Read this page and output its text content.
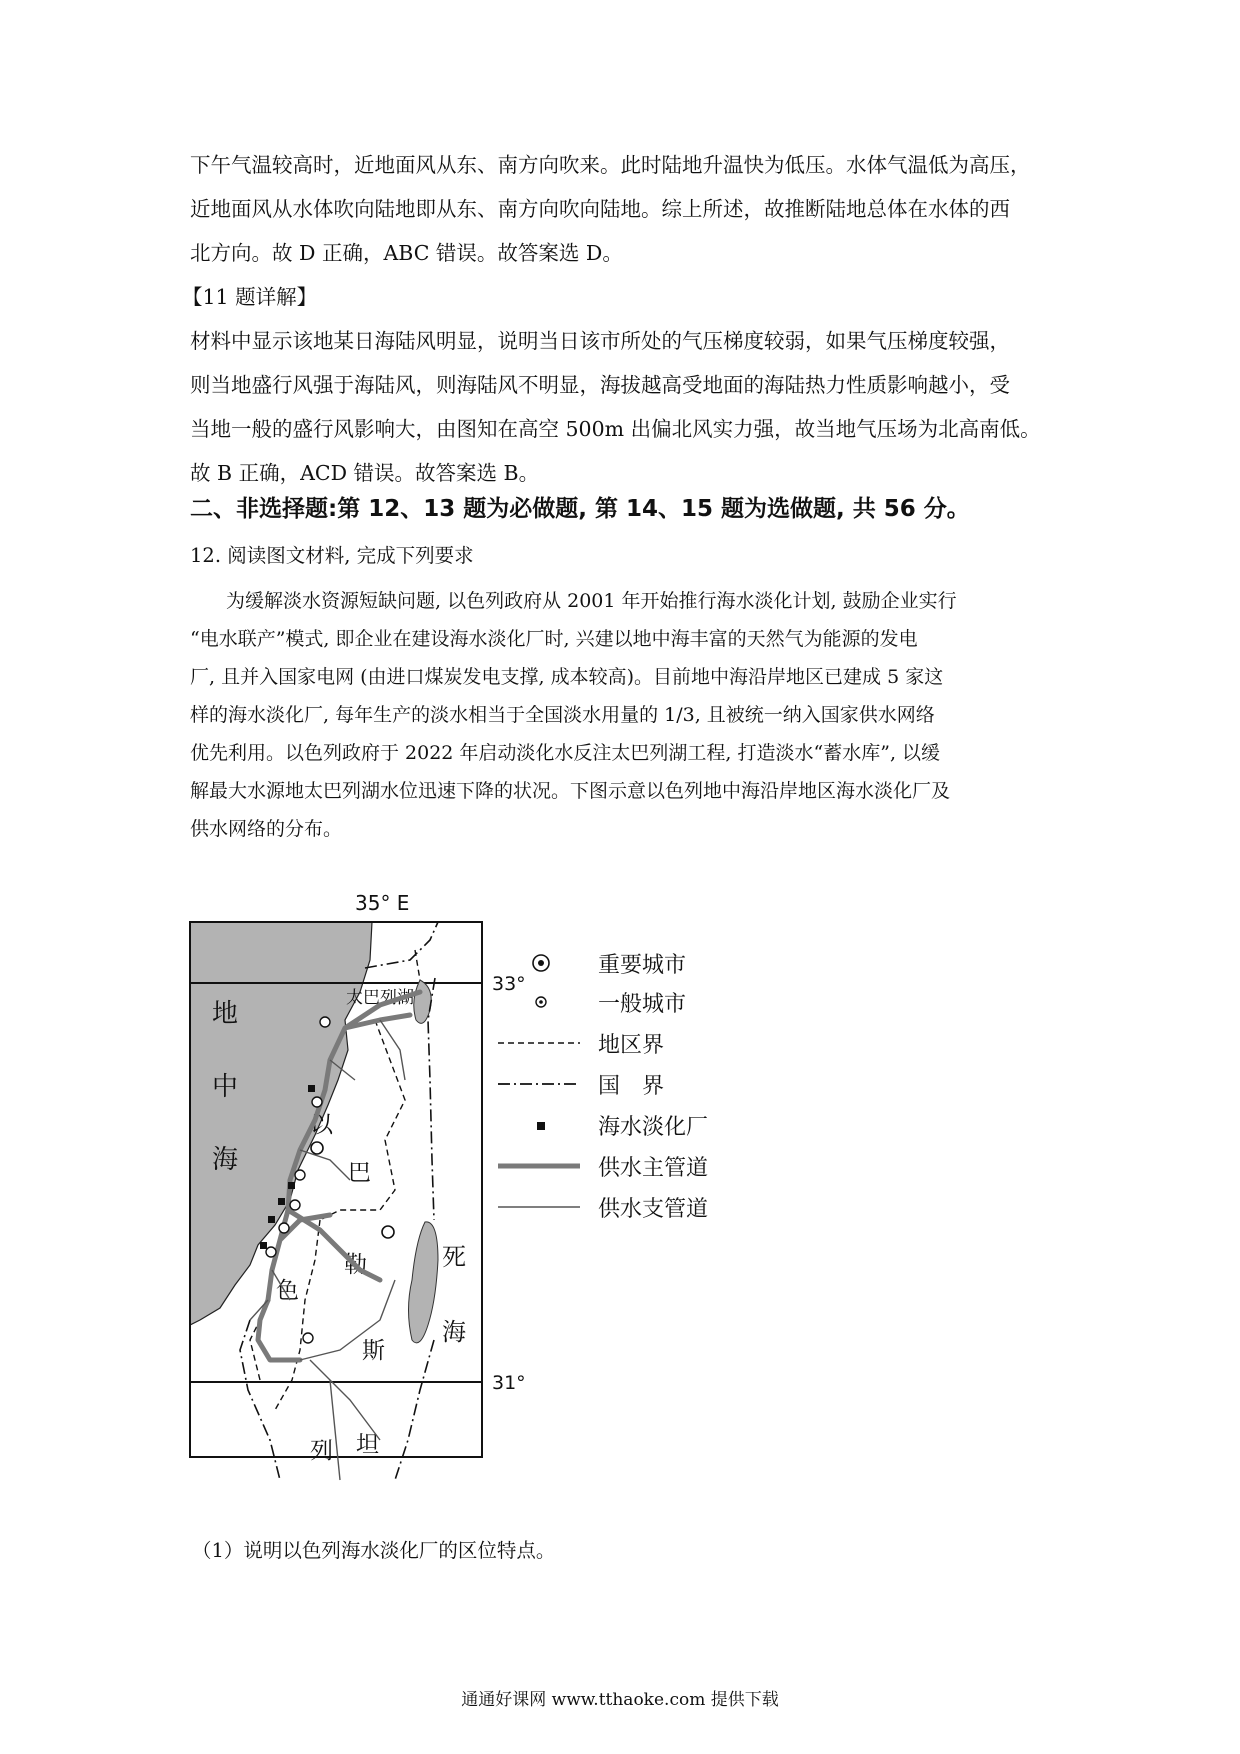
下午气温较高时，近地面风从东、南方向吹来。此时陆地升温快为低压。水体气温低为高压，
近地面风从水体吹向陆地即从东、南方向吹向陆地。综上所述，故推断陆地总体在水体的西
北方向。故 D 正确，ABC 错误。故答案选 D。
【11 题详解】
材料中显示该地某日海陆风明显，说明当日该市所处的气压梯度较弱，如果气压梯度较强，
则当地盛行风强于海陆风，则海陆风不明显，海拔越高受地面的海陆热力性质影响越小，受
当地一般的盛行风影响大，由图知在高空 500m 出偏北风实力强，故当地气压场为北高南低。
故 B 正确，ACD 错误。故答案选 B。

二、非选择题:第 12、13 题为必做题, 第 14、15 题为选做题, 共 56 分。

12. 阅读图文材料, 完成下列要求

为缓解淡水资源短缺问题, 以色列政府从 2001 年开始推行海水淡化计划, 鼓励企业实行
“电水联产”模式, 即企业在建设海水淡化厂时, 兴建以地中海丰富的天然气为能源的发电
厂, 且并入国家电网 (由进口煤炭发电支撑, 成本较高)。目前地中海沿岸地区已建成 5 家这
样的海水淡化厂, 每年生产的淡水相当于全国淡水用量的 1/3, 且被统一纳入国家供水网络
优先利用。以色列政府于 2022 年启动淡化水反注太巴列湖工程, 打造淡水“蓄水库”, 以缓
解最大水源地太巴列湖水位迅速下降的状况。下图示意以色列地中海沿岸地区海水淡化厂及
供水网络的分布。
35° E
33°
31°
地
中
海
太巴列湖
死
海
以
色
列
巴
勒
斯
坦
重要城市
一般城市
地区界
国　界
海水淡化厂
供水主管道
供水支管道

（1）说明以色列海水淡化厂的区位特点。

通通好课网 www.tthaoke.com 提供下载
